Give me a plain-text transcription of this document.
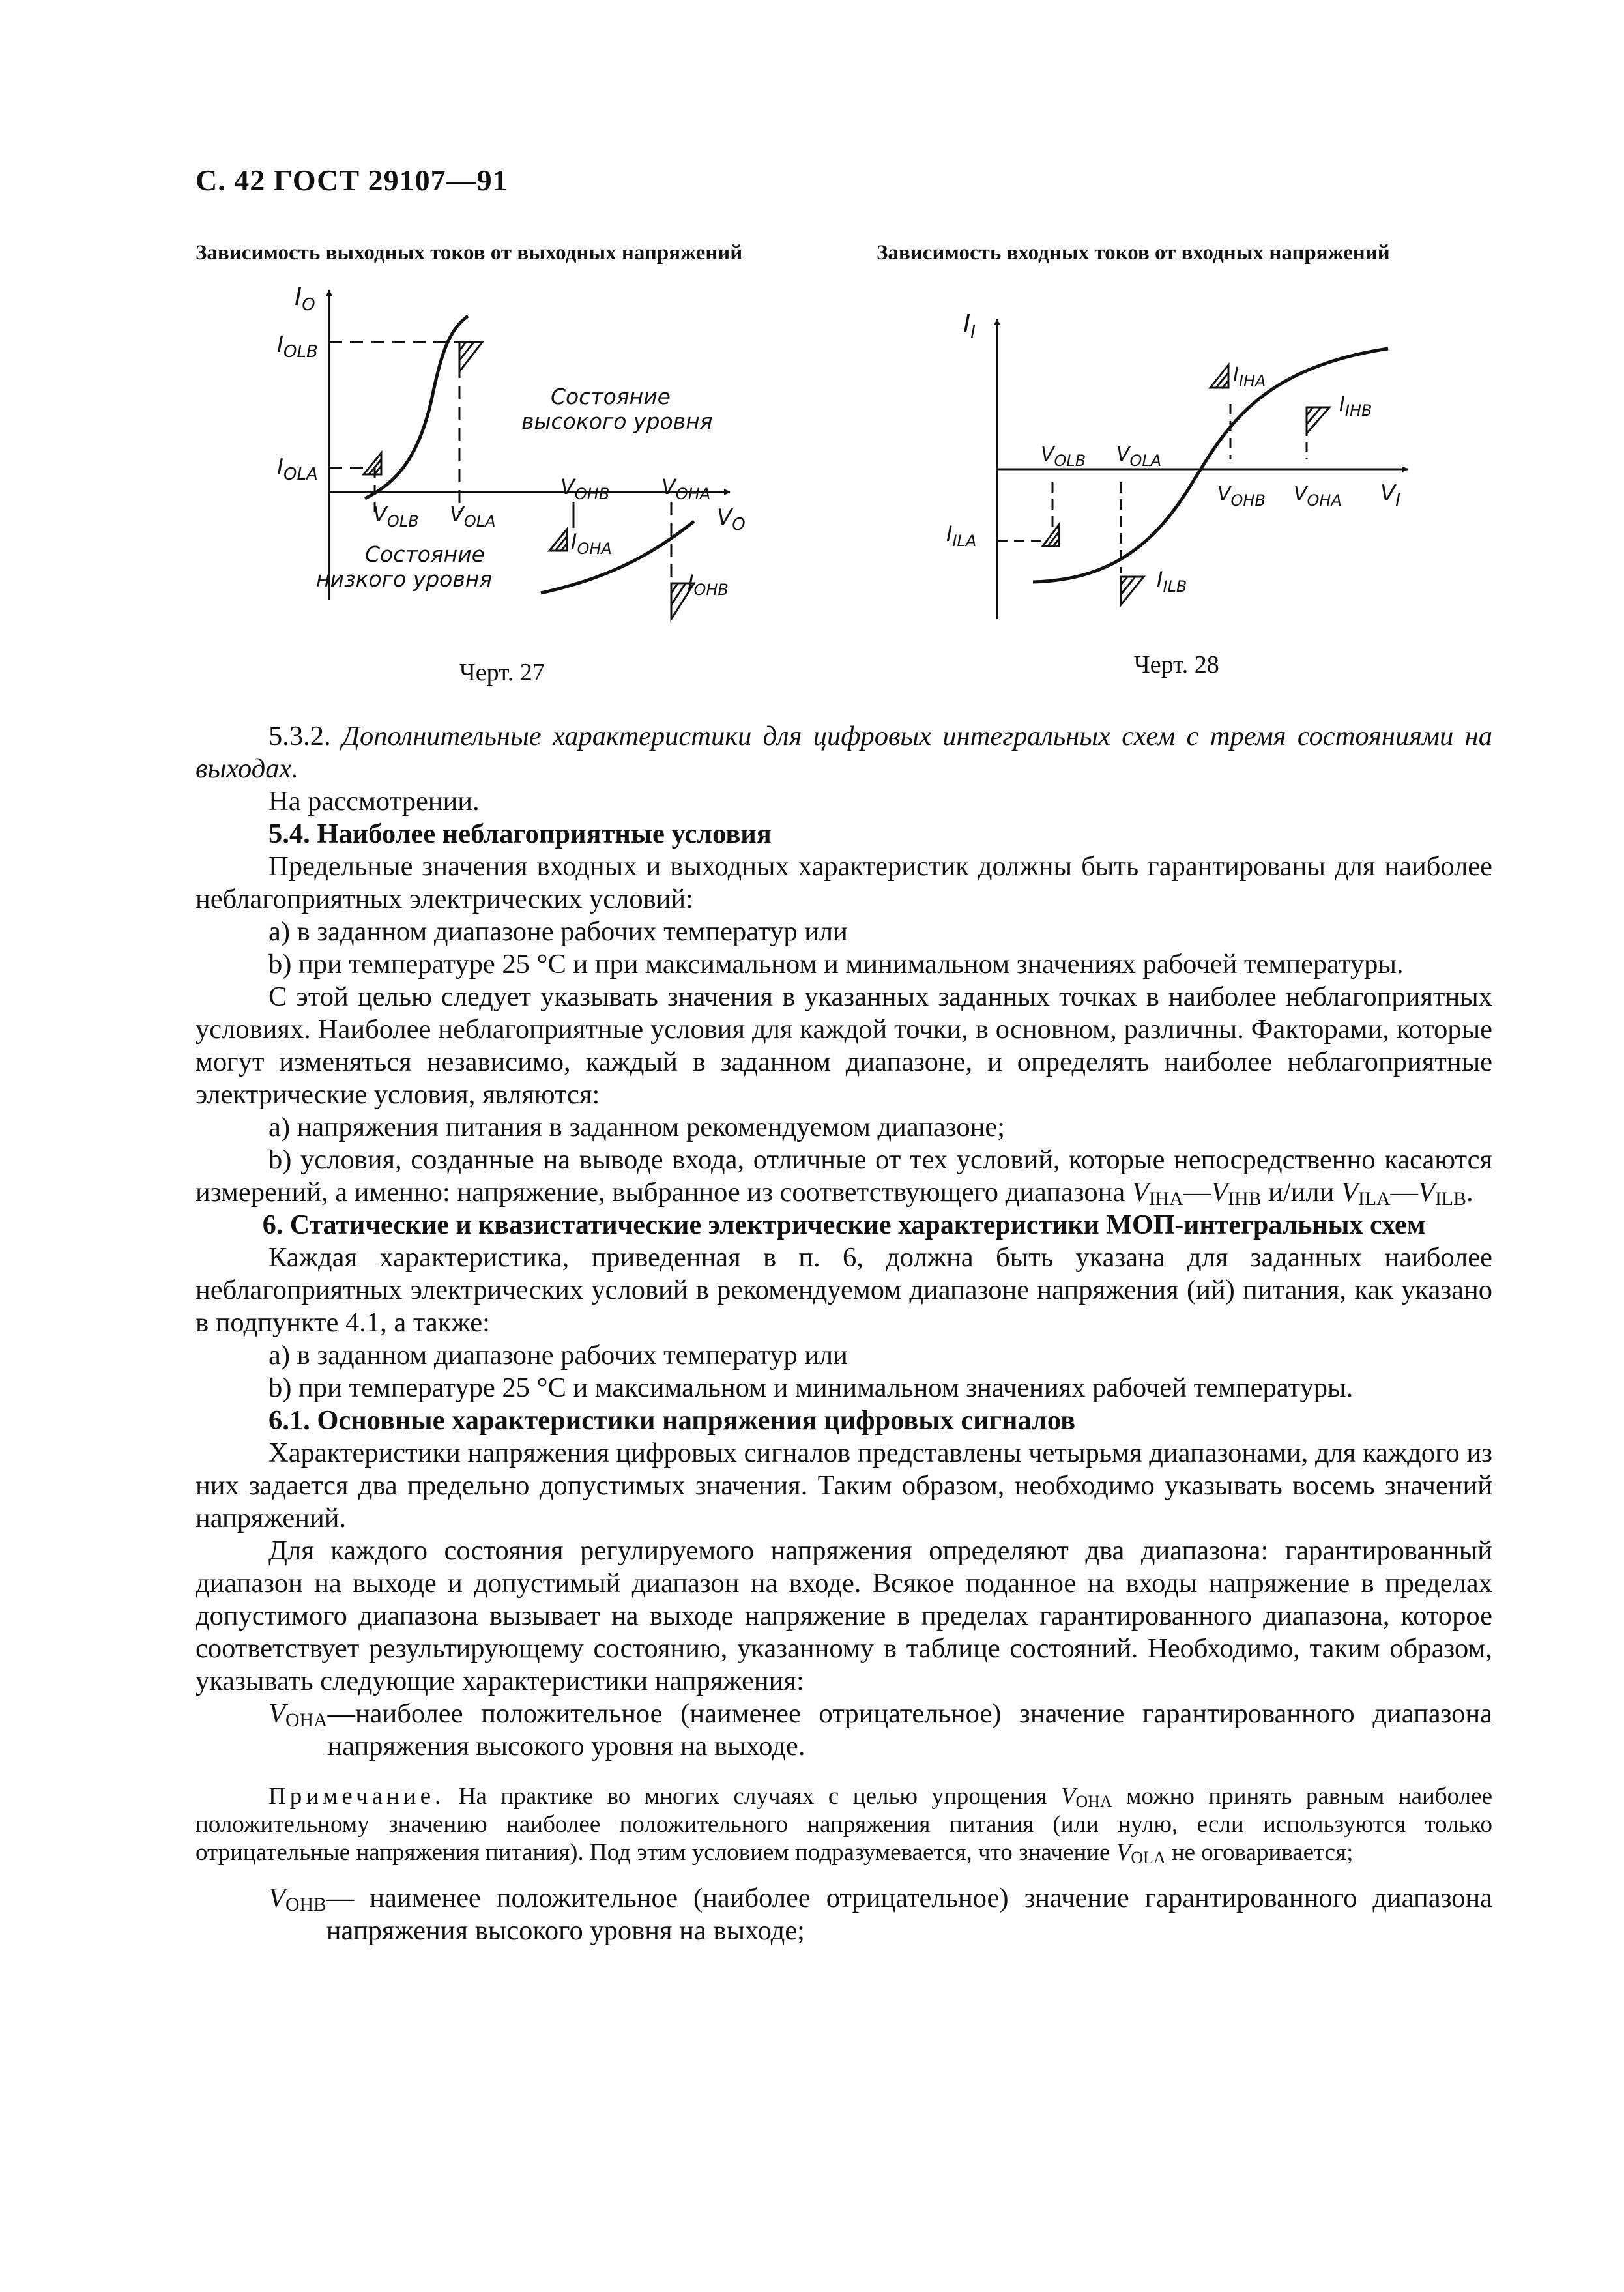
С. 42 ГОСТ 29107—91
Зависимость выходных токов от выходных напряжений	Зависимость входных токов от входных напряжений
$I_O$
$I_{OLB}$
$I_{OLA}$
$V_{OLB}$ $V_{OLA}$
$V_{OHB}$ $V_{OHA}$
$V_O$
$I_{OHA}$
$I_{OHB}$
Состояние
высокого уровня
Состояние
низкого уровня
Черт. 27
$I_I$
$I_{IHA}$
$I_{IHB}$
$V_{OLB}$ $V_{OLA}$
$V_{OHB}$ $V_{OHA}$ $V_I$
$I_{ILA}$
$I_{ILB}$
Черт. 28

5.3.2. Дополнительные характеристики для цифровых интегральных схем с тремя состояниями на выходах.

На рассмотрении.

5.4. Наиболее неблагоприятные условия

Предельные значения входных и выходных характеристик должны быть гарантированы для наиболее неблагоприятных электрических условий:

a) в заданном диапазоне рабочих температур или

b) при температуре 25 °С и при максимальном и минимальном значениях рабочей температуры.

С этой целью следует указывать значения в указанных заданных точках в наиболее неблагоприятных условиях. Наиболее неблагоприятные условия для каждой точки, в основном, различны. Факторами, которые могут изменяться независимо, каждый в заданном диапазоне, и определять наиболее неблагоприятные электрические условия, являются:

a) напряжения питания в заданном рекомендуемом диапазоне;

b) условия, созданные на выводе входа, отличные от тех условий, которые непосредственно касаются измерений, а именно: напряжение, выбранное из соответствующего диапазона $V_{IHA}—V_{IHB}$ и/или $V_{ILA}—V_{ILB}$.

6. Статические и квазистатические электрические характеристики МОП-интегральных схем

Каждая характеристика, приведенная в п. 6, должна быть указана для заданных наиболее неблагоприятных электрических условий в рекомендуемом диапазоне напряжения (ий) питания, как указано в подпункте 4.1, а также:

a) в заданном диапазоне рабочих температур или

b) при температуре 25 °С и максимальном и минимальном значениях рабочей температуры.

6.1. Основные характеристики напряжения цифровых сигналов

Характеристики напряжения цифровых сигналов представлены четырьмя диапазонами, для каждого из них задается два предельно допустимых значения. Таким образом, необходимо указывать восемь значений напряжений.

Для каждого состояния регулируемого напряжения определяют два диапазона: гарантированный диапазон на выходе и допустимый диапазон на входе. Всякое поданное на входы напряжение в пределах допустимого диапазона вызывает на выходе напряжение в пределах гарантированного диапазона, которое соответствует результирующему состоянию, указанному в таблице состояний. Необходимо, таким образом, указывать следующие характеристики напряжения:

$V_{OHA}$ —наиболее положительное (наименее отрицательное) значение гарантированного диапазона напряжения высокого уровня на выходе.

Примечание. На практике во многих случаях с целью упрощения $V_{OHA}$ можно принять равным наиболее положительному значению наиболее положительного напряжения питания (или нулю, если используются только отрицательные напряжения питания). Под этим условием подразумевается, что значение $V_{OLA}$ не оговаривается;

$V_{OHB}$ — наименее положительное (наиболее отрицательное) значение гарантированного диапазона напряжения высокого уровня на выходе;
